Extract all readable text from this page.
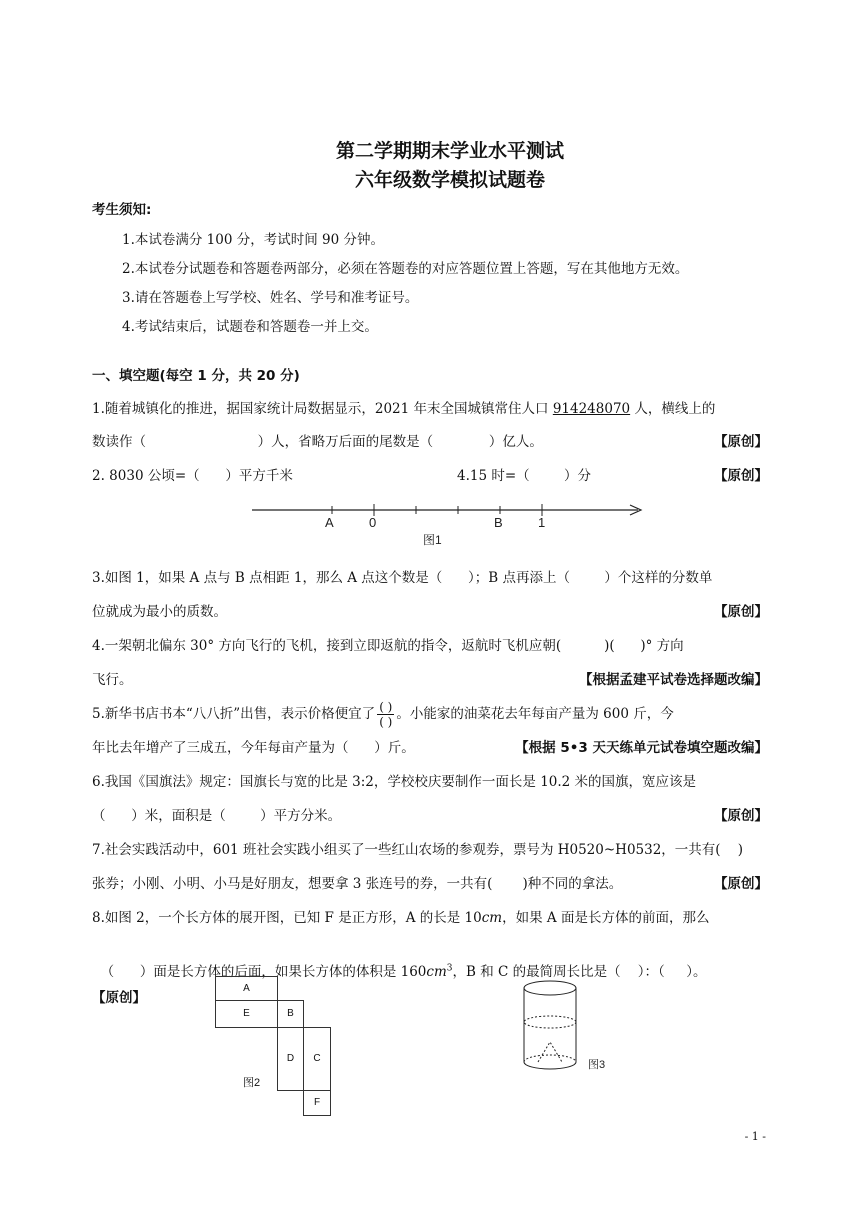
第二学期期末学业水平测试
六年级数学模拟试题卷
考生须知:
1.本试卷满分 100 分，考试时间 90 分钟。
2.本试卷分试题卷和答题卷两部分，必须在答题卷的对应答题位置上答题，写在其他地方无效。
3.请在答题卷上写学校、姓名、学号和准考证号。
4.考试结束后，试题卷和答题卷一并上交。
一、填空题(每空 1 分，共 20 分)
1.随着城镇化的推进，据国家统计局数据显示，2021 年末全国城镇常住人口 914248070 人，横线上的
数读作（                          ）人，省略万后面的尾数是（             ）亿人。	【原创】
2. 8030 公顷=（      ）平方千米	4.15 时=（        ）分	【原创】
A	0	B	1
图1
3.如图 1，如果 A 点与 B 点相距 1，那么 A 点这个数是（      ）；B 点再添上（        ）个这样的分数单
位就成为最小的质数。	【原创】
4.一架朝北偏东 30° 方向飞行的飞机，接到立即返航的指令，返航时飞机应朝(          )(      )° 方向
飞行。	【根据孟建平试卷选择题改编】
5.新华书店书本“八八折”出售，表示价格便宜了 $\frac{( )}{( )}$ 。小能家的油菜花去年每亩产量为 600 斤，今
年比去年增产了三成五，今年每亩产量为（      ）斤。	【根据 5•3 天天练单元试卷填空题改编】
6.我国《国旗法》规定：国旗长与宽的比是 3:2，学校校庆要制作一面长是 10.2 米的国旗，宽应该是
（      ）米，面积是（        ）平方分米。	【原创】
7.社会实践活动中，601 班社会实践小组买了一些红山农场的参观券，票号为 H0520~H0532，一共有(    )
张券；小刚、小明、小马是好朋友，想要拿 3 张连号的券，一共有(       )种不同的拿法。	【原创】
8.如图 2，一个长方体的展开图，已知 F 是正方形，A 的长是 10cm，如果 A 面是长方体的前面，那么

（      ）面是长方体的后面，如果长方体的体积是 $160cm^3$，B 和 C 的最简周长比是（    ）：（     ）。

【原创】
A
E	B
D	C
F
图2
图3
- 1 -
